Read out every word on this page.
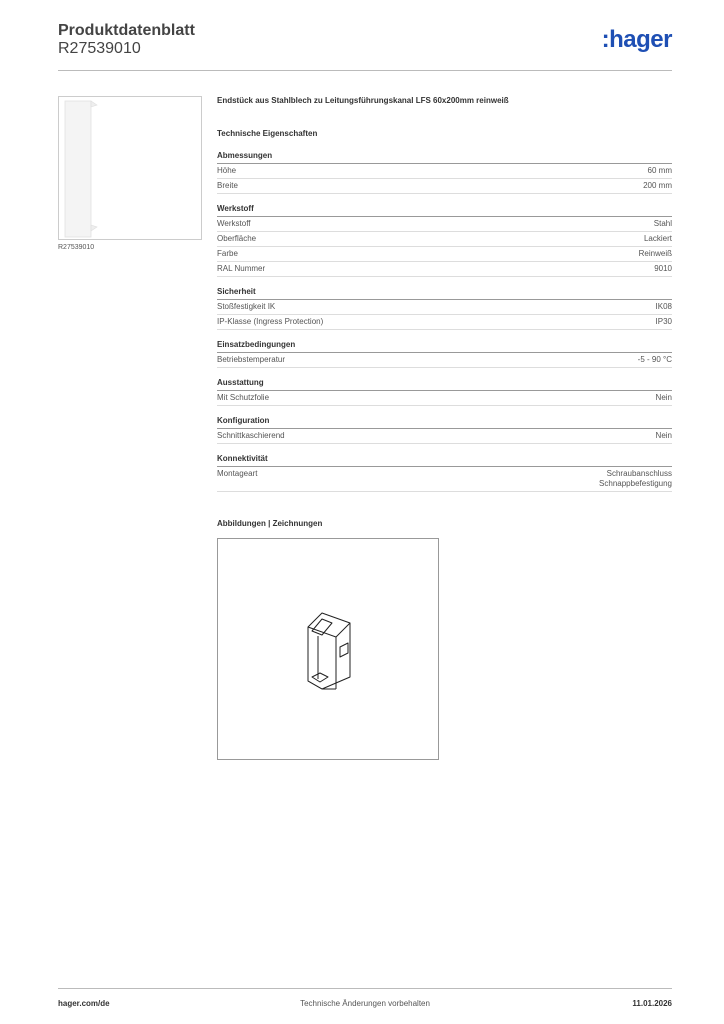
Produktdatenblatt
R27539010	:hager
R27539010
Endstück aus Stahlblech zu Leitungsführungskanal LFS 60x200mm reinweiß
Technische Eigenschaften
Abmessungen
Höhe	60 mm
Breite	200 mm
Werkstoff
Werkstoff	Stahl
Oberfläche	Lackiert
Farbe	Reinweiß
RAL Nummer	9010
Sicherheit
Stoßfestigkeit IK	IK08
IP-Klasse (Ingress Protection)	IP30
Einsatzbedingungen
Betriebstemperatur	-5 - 90 °C
Ausstattung
Mit Schutzfolie	Nein
Konfiguration
Schnittkaschierend	Nein
Konnektivität
Montageart	Schraubanschluss
Schnappbefestigung
Abbildungen | Zeichnungen
hager.com/de	Technische Änderungen vorbehalten	11.01.2026
